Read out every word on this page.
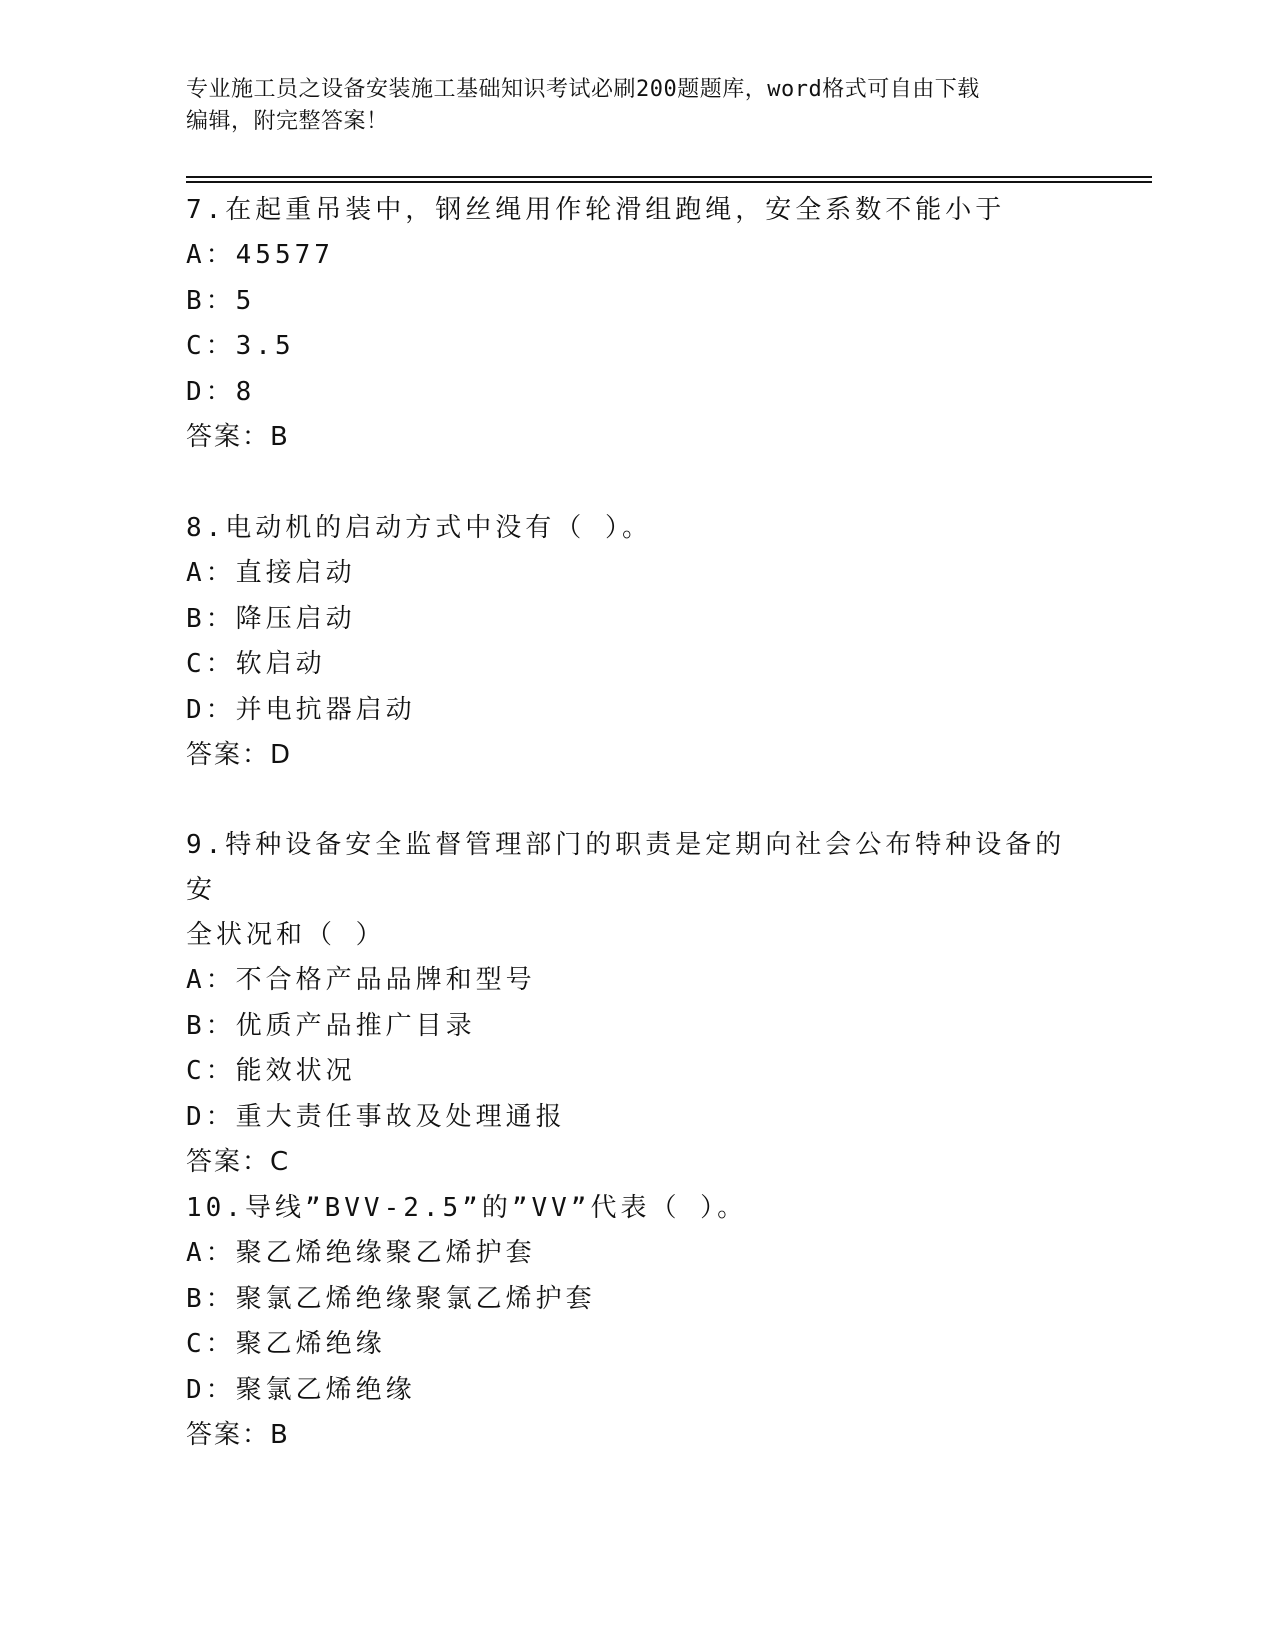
专业施工员之设备安装施工基础知识考试必刷200题题库，word格式可自由下载
编辑，附完整答案！

7.在起重吊装中，钢丝绳用作轮滑组跑绳，安全系数不能小于

A：45577

B：5

C：3.5

D：8

答案：B

8.电动机的启动方式中没有（ ）。

A：直接启动

B：降压启动

C：软启动

D：并电抗器启动

答案：D

9.特种设备安全监督管理部门的职责是定期向社会公布特种设备的安

全状况和（ ）

A：不合格产品品牌和型号

B：优质产品推广目录

C：能效状况

D：重大责任事故及处理通报

答案：C

10.导线”BVV-2.5”的”VV”代表（ ）。

A：聚乙烯绝缘聚乙烯护套

B：聚氯乙烯绝缘聚氯乙烯护套

C：聚乙烯绝缘

D：聚氯乙烯绝缘

答案：B
